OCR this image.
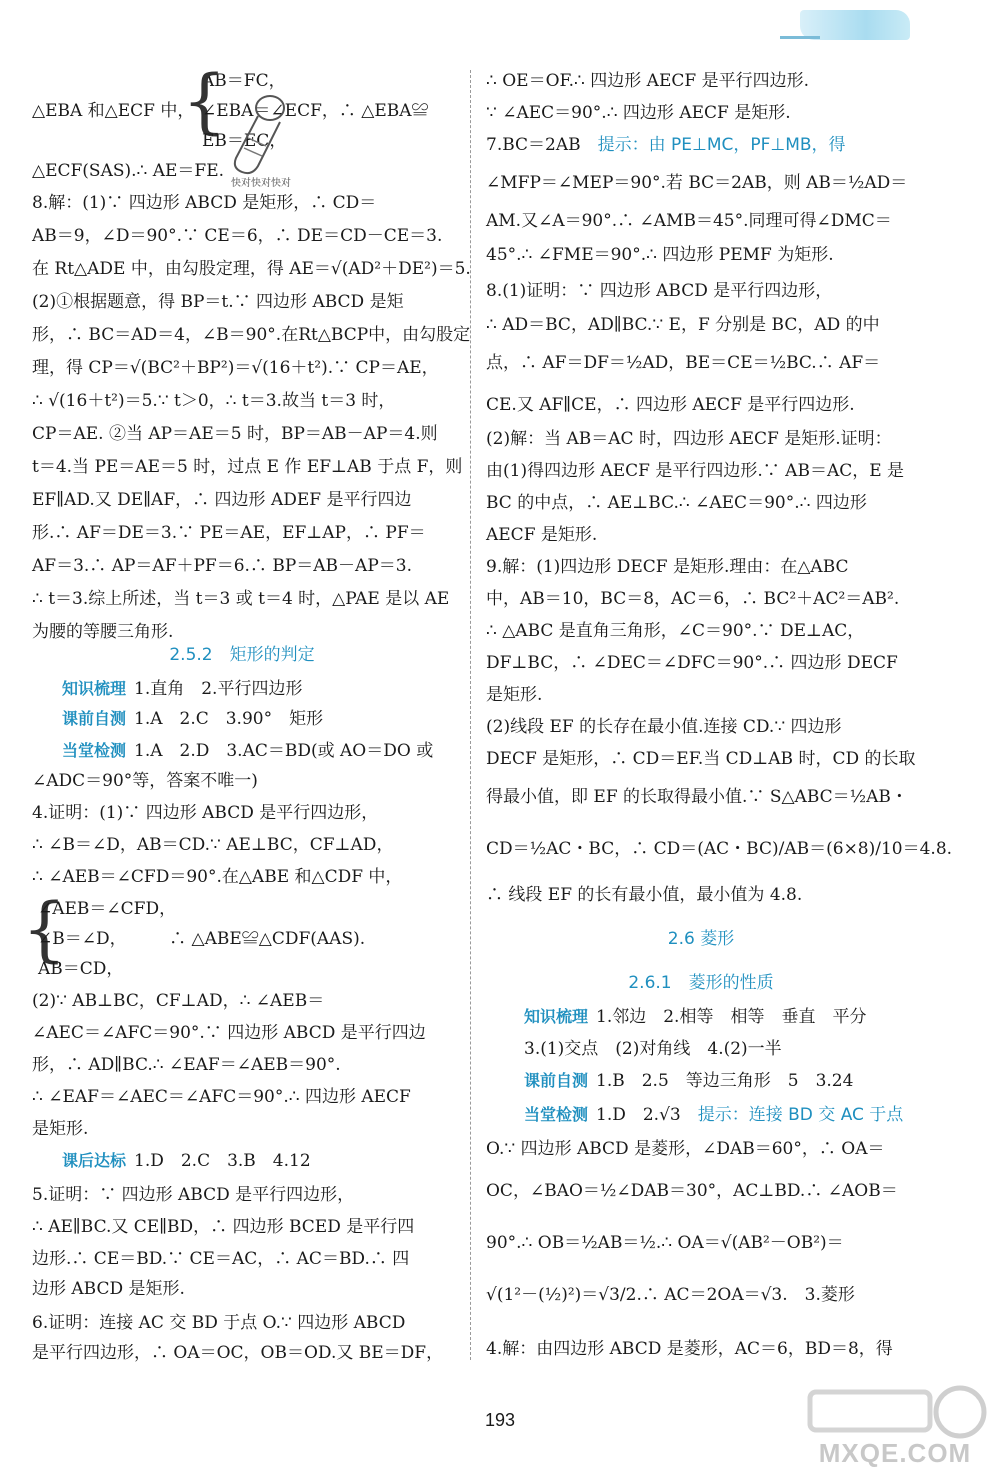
AB＝FC，
{
△EBA 和△ECF 中， ∠EBA＝∠ECF，∴ △EBA≌
EB＝EC，
△ECF(SAS).∴ AE＝FE.
8.解：(1)∵ 四边形 ABCD 是矩形，∴ CD＝
AB＝9，∠D＝90°.∵ CE＝6，∴ DE＝CD－CE＝3.
在 Rt△ADE 中，由勾股定理，得 AE＝√(AD²＋DE²)＝5.
(2)①根据题意，得 BP＝t.∵ 四边形 ABCD 是矩
形，∴ BC＝AD＝4，∠B＝90°.在Rt△BCP中，由勾股定
理，得 CP＝√(BC²＋BP²)＝√(16＋t²).∵ CP＝AE，
∴ √(16＋t²)＝5.∵ t＞0，∴ t＝3.故当 t＝3 时，
CP＝AE. ②当 AP＝AE＝5 时，BP＝AB－AP＝4.则
t＝4.当 PE＝AE＝5 时，过点 E 作 EF⊥AB 于点 F，则
EF∥AD.又 DE∥AF，∴ 四边形 ADEF 是平行四边
形.∴ AF＝DE＝3.∵ PE＝AE，EF⊥AP，∴ PF＝
AF＝3.∴ AP＝AF＋PF＝6.∴ BP＝AB－AP＝3.
∴ t＝3.综上所述，当 t＝3 或 t＝4 时，△PAE 是以 AE
为腰的等腰三角形.
2.5.2　矩形的判定
知识梳理 1.直角　2.平行四边形
课前自测 1.A　2.C　3.90°　矩形
当堂检测 1.A　2.D　3.AC＝BD(或 AO＝DO 或
∠ADC＝90°等，答案不唯一)
4.证明：(1)∵ 四边形 ABCD 是平行四边形，
∴ ∠B＝∠D，AB＝CD.∵ AE⊥BC，CF⊥AD，
∴ ∠AEB＝∠CFD＝90°.在△ABE 和△CDF 中，
{
∠AEB＝∠CFD，
∠B＝∠D，　　　∴ △ABE≌△CDF(AAS).
AB＝CD，
(2)∵ AB⊥BC，CF⊥AD，∴ ∠AEB＝
∠AEC＝∠AFC＝90°.∵ 四边形 ABCD 是平行四边
形，∴ AD∥BC.∴ ∠EAF＝∠AEB＝90°.
∴ ∠EAF＝∠AEC＝∠AFC＝90°.∴ 四边形 AECF
是矩形.
课后达标 1.D　2.C　3.B　4.12
5.证明：∵ 四边形 ABCD 是平行四边形，
∴ AE∥BC.又 CE∥BD，∴ 四边形 BCED 是平行四
边形.∴ CE＝BD.∵ CE＝AC，∴ AC＝BD.∴ 四
边形 ABCD 是矩形.
6.证明：连接 AC 交 BD 于点 O.∵ 四边形 ABCD
是平行四边形，∴ OA＝OC，OB＝OD.又 BE＝DF，
快对快对快对
∴ OE＝OF.∴ 四边形 AECF 是平行四边形.
∵ ∠AEC＝90°.∴ 四边形 AECF 是矩形.
7.BC＝2AB　提示：由 PE⊥MC，PF⊥MB，得
∠MFP＝∠MEP＝90°.若 BC＝2AB，则 AB＝½AD＝
AM.又∠A＝90°.∴ ∠AMB＝45°.同理可得∠DMC＝
45°.∴ ∠FME＝90°.∴ 四边形 PEMF 为矩形.
8.(1)证明：∵ 四边形 ABCD 是平行四边形，
∴ AD＝BC，AD∥BC.∵ E，F 分别是 BC，AD 的中
点，∴ AF＝DF＝½AD，BE＝CE＝½BC.∴ AF＝
CE.又 AF∥CE，∴ 四边形 AECF 是平行四边形.
(2)解：当 AB＝AC 时，四边形 AECF 是矩形.证明：
由(1)得四边形 AECF 是平行四边形.∵ AB＝AC，E 是
BC 的中点，∴ AE⊥BC.∴ ∠AEC＝90°.∴ 四边形
AECF 是矩形.
9.解：(1)四边形 DECF 是矩形.理由：在△ABC
中，AB＝10，BC＝8，AC＝6，∴ BC²＋AC²＝AB².
∴ △ABC 是直角三角形，∠C＝90°.∵ DE⊥AC，
DF⊥BC，∴ ∠DEC＝∠DFC＝90°.∴ 四边形 DECF
是矩形.
(2)线段 EF 的长存在最小值.连接 CD.∵ 四边形
DECF 是矩形，∴ CD＝EF.当 CD⊥AB 时，CD 的长取
得最小值，即 EF 的长取得最小值.∵ S△ABC＝½AB・
CD＝½AC・BC，∴ CD＝(AC・BC)/AB＝(6×8)/10＝4.8.
∴ 线段 EF 的长有最小值，最小值为 4.8.
2.6 菱形
2.6.1　菱形的性质
知识梳理 1.邻边　2.相等　相等　垂直　平分
3.(1)交点　(2)对角线　4.(2)一半
课前自测 1.B　2.5　等边三角形　5　3.24
当堂检测 1.D　2.√3　提示：连接 BD 交 AC 于点
O.∵ 四边形 ABCD 是菱形，∠DAB＝60°，∴ OA＝
OC，∠BAO＝½∠DAB＝30°，AC⊥BD.∴ ∠AOB＝
90°.∴ OB＝½AB＝½.∴ OA＝√(AB²－OB²)＝
√(1²－(½)²)＝√3/2.∴ AC＝2OA＝√3.　3.菱形
4.解：由四边形 ABCD 是菱形，AC＝6，BD＝8，得
193
MXQE.COM
